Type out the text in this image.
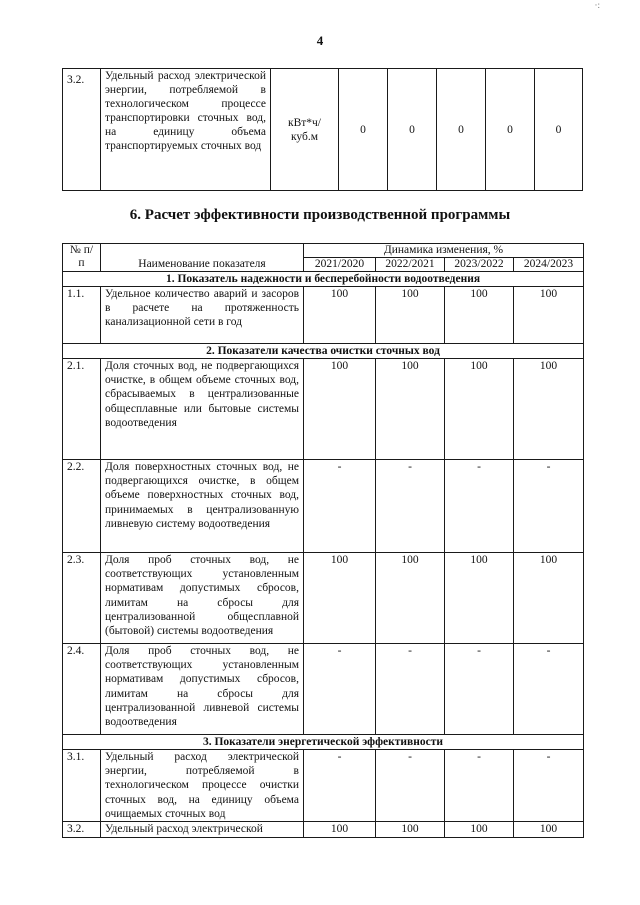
·:
4
3.2.	Удельный расход электрической энергии, потребляемой в технологическом процессе транспортировки сточных вод, на единицу объема транспортируемых сточных вод	кВт*ч/ куб.м	0	0	0	0	0
6. Расчет эффективности производственной программы
№ п/п	Наименование показателя	Динамика изменения, %			
		2021/2020	2022/2021	2023/2022	2024/2023
1. Показатель надежности и бесперебойности водоотведения					
1.1.	Удельное количество аварий и засоров в расчете на протяженность канализационной сети в год	100	100	100	100
2. Показатели качества очистки сточных вод					
2.1.	Доля сточных вод, не подвергающихся очистке, в общем объеме сточных вод, сбрасываемых в централизованные общесплавные или бытовые системы водоотведения	100	100	100	100
2.2.	Доля поверхностных сточных вод, не подвергающихся очистке, в общем объеме поверхностных сточных вод, принимаемых в централизованную ливневую систему водоотведения	-	-	-	-
2.3.	Доля проб сточных вод, не соответствующих установленным нормативам допустимых сбросов, лимитам на сбросы для централизованной общесплавной (бытовой) системы водоотведения	100	100	100	100
2.4.	Доля проб сточных вод, не соответствующих установленным нормативам допустимых сбросов, лимитам на сбросы для централизованной ливневой системы водоотведения	-	-	-	-
3. Показатели энергетической эффективности					
3.1.	Удельный расход электрической энергии, потребляемой в технологическом процессе очистки сточных вод, на единицу объема очищаемых сточных вод	-	-	-	-
3.2.	Удельный расход электрической	100	100	100	100
